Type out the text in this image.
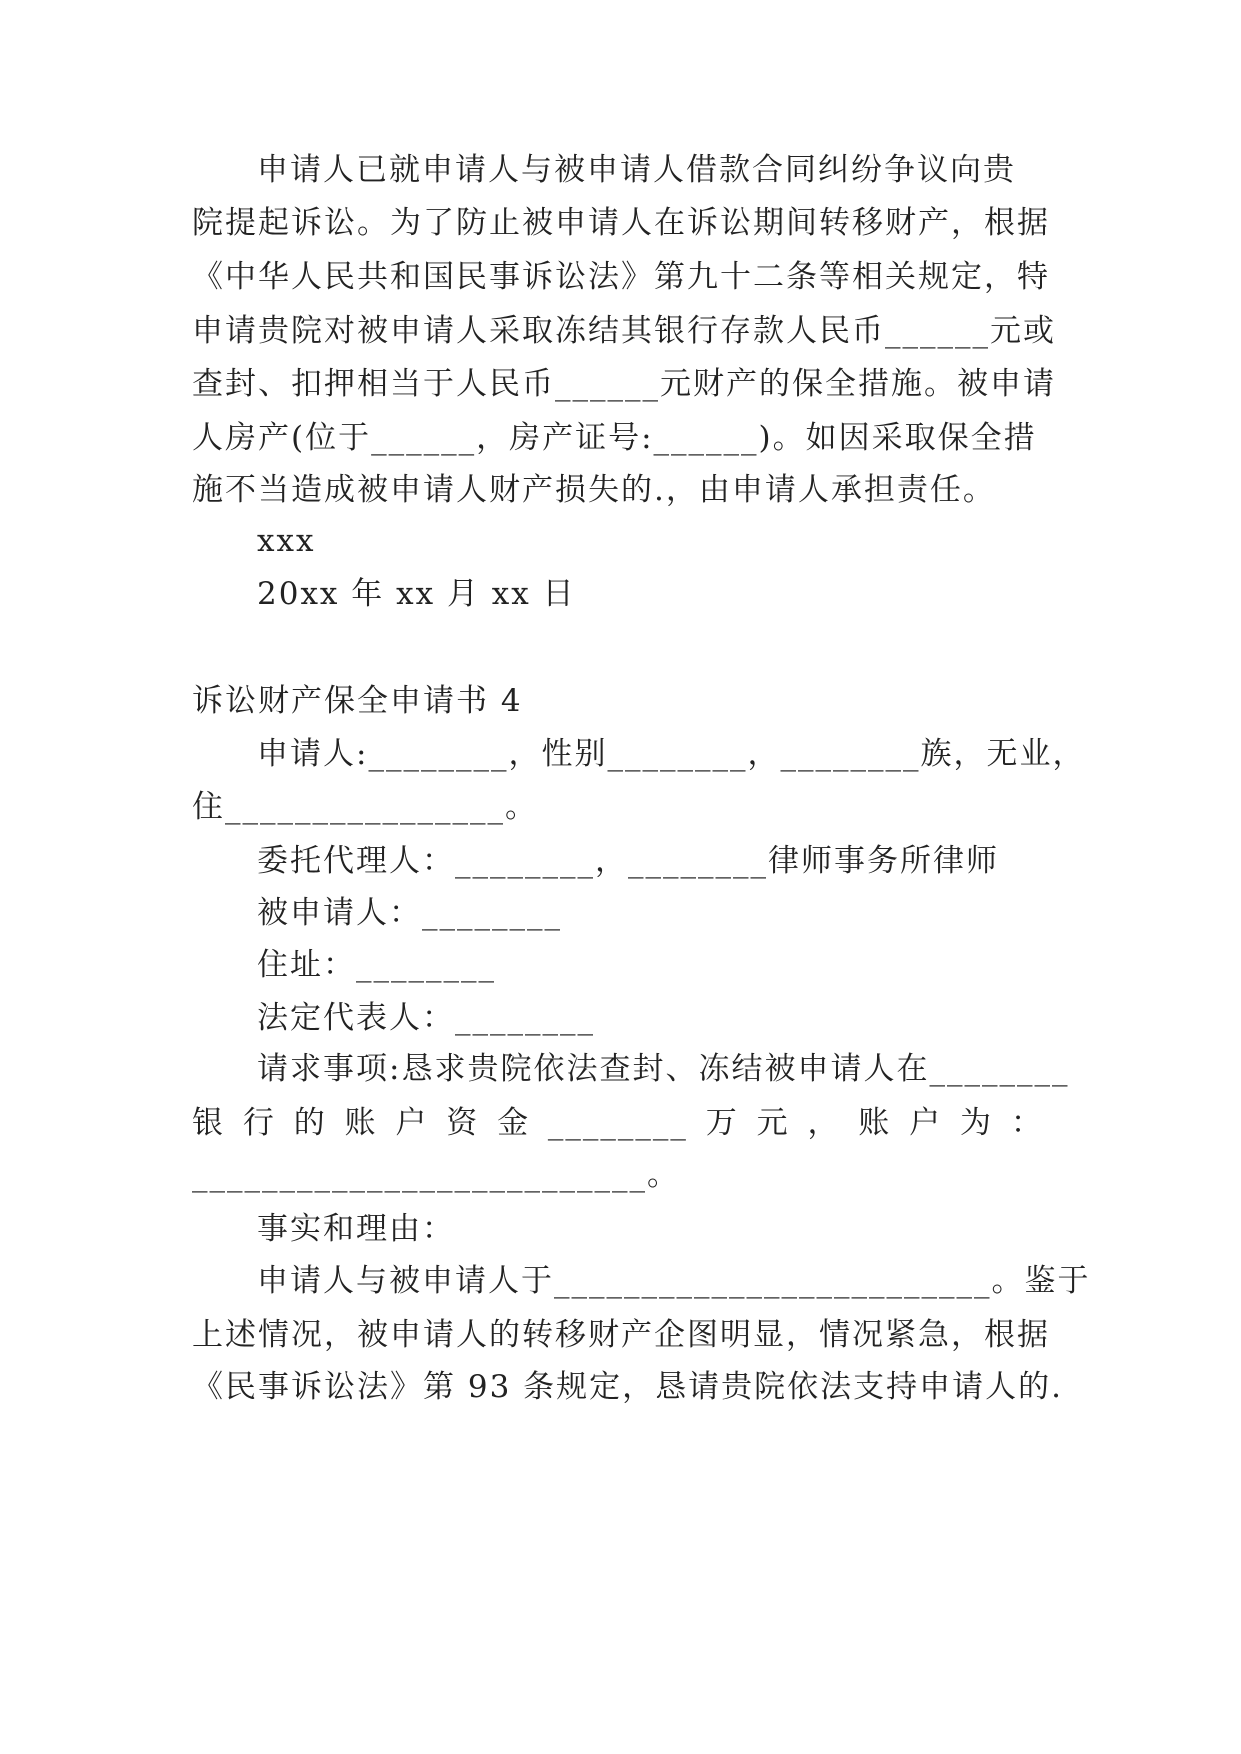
申请人已就申请人与被申请人借款合同纠纷争议向贵
院提起诉讼。为了防止被申请人在诉讼期间转移财产，根据
《中华人民共和国民事诉讼法》第九十二条等相关规定，特
申请贵院对被申请人采取冻结其银行存款人民币______元或
查封、扣押相当于人民币______元财产的保全措施。被申请
人房产(位于______，房产证号:______)。如因采取保全措
施不当造成被申请人财产损失的.，由申请人承担责任。
xxx
20xx 年 xx 月 xx 日
诉讼财产保全申请书 4
申请人:________，性别________，________族，无业，
住________________。
委托代理人：________，________律师事务所律师
被申请人：________
住址：________
法定代表人：________
请求事项:恳求贵院依法查封、冻结被申请人在________
银 行 的 账 户 资 金 ________ 万 元 ， 账 户 为 ：
__________________________。
事实和理由：
申请人与被申请人于_________________________。鉴于
上述情况，被申请人的转移财产企图明显，情况紧急，根据
《民事诉讼法》第 93 条规定，恳请贵院依法支持申请人的.
